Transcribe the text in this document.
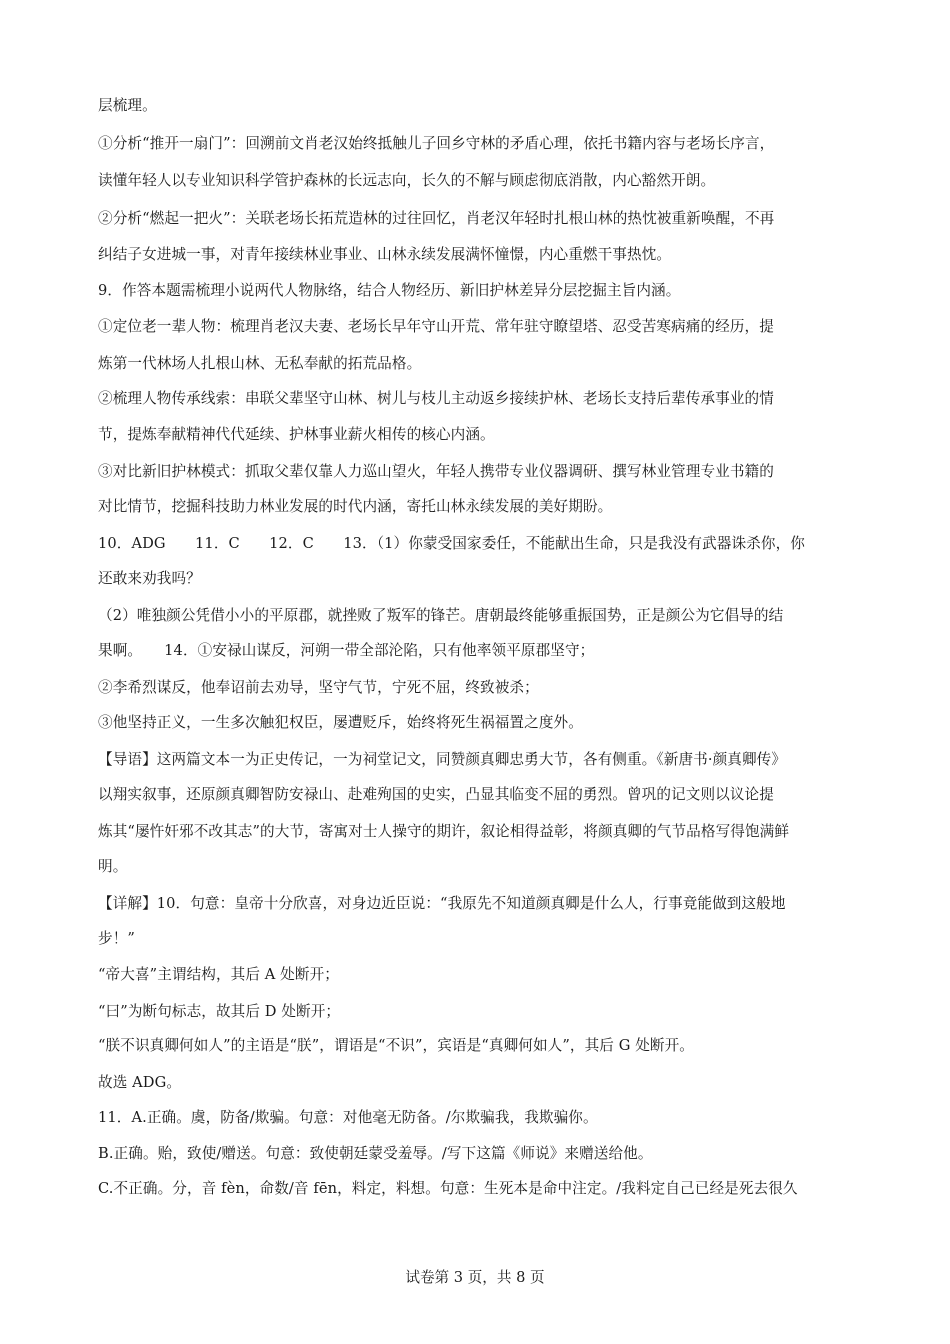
层梳理。

①分析“推开一扇门”：回溯前文肖老汉始终抵触儿子回乡守林的矛盾心理，依托书籍内容与老场长序言，

读懂年轻人以专业知识科学管护森林的长远志向，长久的不解与顾虑彻底消散，内心豁然开朗。

②分析“燃起一把火”：关联老场长拓荒造林的过往回忆，肖老汉年轻时扎根山林的热忱被重新唤醒，不再

纠结子女进城一事，对青年接续林业事业、山林永续发展满怀憧憬，内心重燃干事热忱。

9．作答本题需梳理小说两代人物脉络，结合人物经历、新旧护林差异分层挖掘主旨内涵。

①定位老一辈人物：梳理肖老汉夫妻、老场长早年守山开荒、常年驻守瞭望塔、忍受苦寒病痛的经历，提

炼第一代林场人扎根山林、无私奉献的拓荒品格。

②梳理人物传承线索：串联父辈坚守山林、树儿与枝儿主动返乡接续护林、老场长支持后辈传承事业的情

节，提炼奉献精神代代延续、护林事业薪火相传的核心内涵。

③对比新旧护林模式：抓取父辈仅靠人力巡山望火，年轻人携带专业仪器调研、撰写林业管理专业书籍的

对比情节，挖掘科技助力林业发展的时代内涵，寄托山林永续发展的美好期盼。

10．ADG　　11．C　　12．C　　13．（1）你蒙受国家委任，不能献出生命，只是我没有武器诛杀你，你

还敢来劝我吗？

（2）唯独颜公凭借小小的平原郡，就挫败了叛军的锋芒。唐朝最终能够重振国势，正是颜公为它倡导的结

果啊。　　14．①安禄山谋反，河朔一带全部沦陷，只有他率领平原郡坚守；

②李希烈谋反，他奉诏前去劝导，坚守气节，宁死不屈，终致被杀；

③他坚持正义，一生多次触犯权臣，屡遭贬斥，始终将死生祸福置之度外。

【导语】这两篇文本一为正史传记，一为祠堂记文，同赞颜真卿忠勇大节，各有侧重。《新唐书·颜真卿传》

以翔实叙事，还原颜真卿智防安禄山、赴难殉国的史实，凸显其临变不屈的勇烈。曾巩的记文则以议论提

炼其“屡忤奸邪不改其志”的大节，寄寓对士人操守的期许，叙论相得益彰，将颜真卿的气节品格写得饱满鲜

明。

【详解】10．句意：皇帝十分欣喜，对身边近臣说：“我原先不知道颜真卿是什么人，行事竟能做到这般地

步！”

“帝大喜”主谓结构，其后 A 处断开；

“曰”为断句标志，故其后 D 处断开；

“朕不识真卿何如人”的主语是“朕”，谓语是“不识”，宾语是“真卿何如人”，其后 G 处断开。

故选 ADG。

11．A.正确。虞，防备/欺骗。句意：对他毫无防备。/尔欺骗我，我欺骗你。

B.正确。贻，致使/赠送。句意：致使朝廷蒙受羞辱。/写下这篇《师说》来赠送给他。

C.不正确。分，音 fèn，命数/音 fēn，料定，料想。句意：生死本是命中注定。/我料定自己已经是死去很久

试卷第 3 页，共 8 页
